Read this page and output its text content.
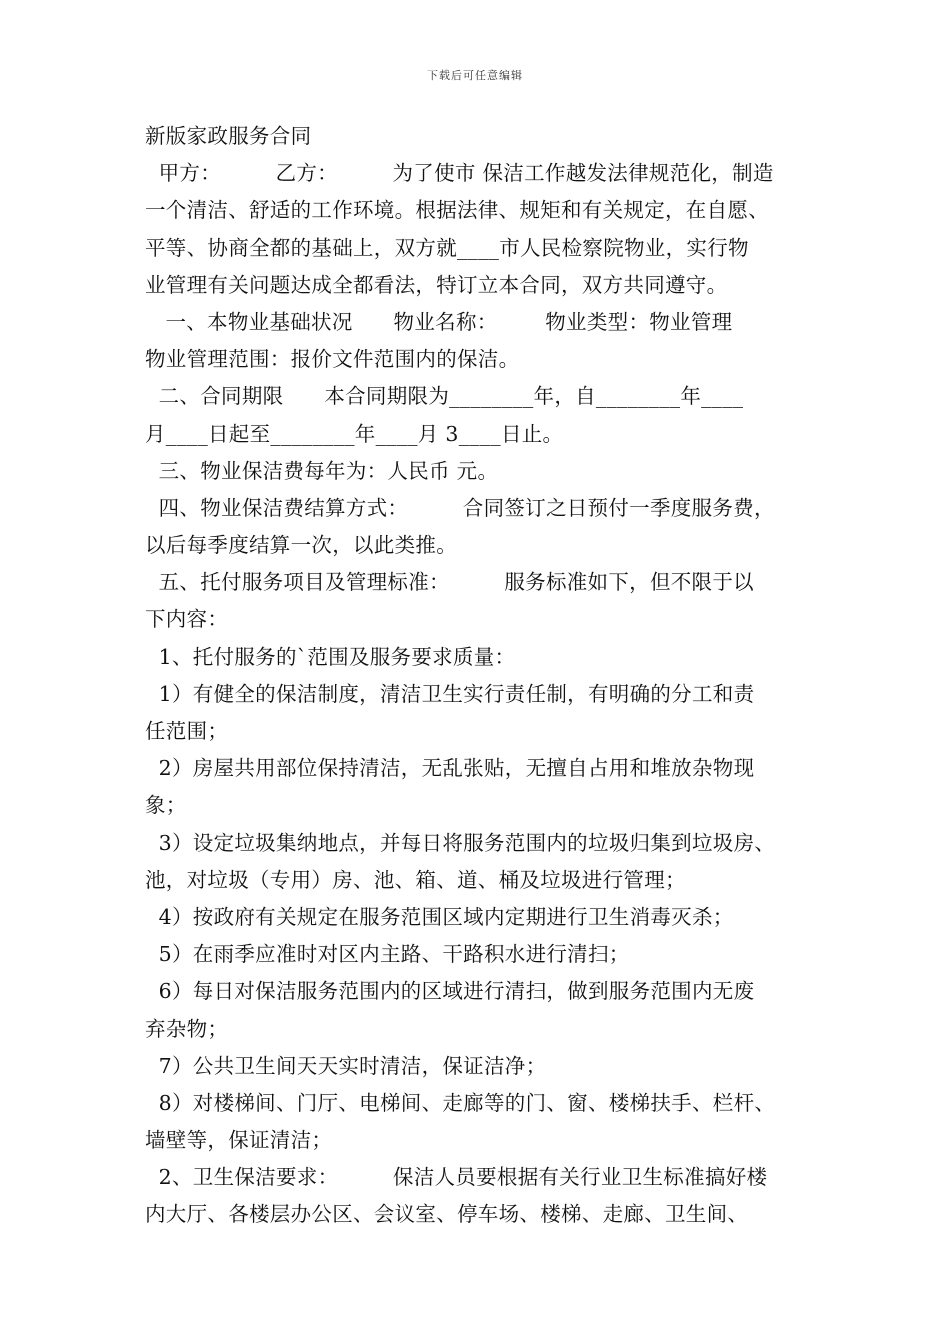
下载后可任意编辑
新版家政服务合同
甲方：        乙方：        为了使市 保洁工作越发法律规范化，制造
一个清洁、舒适的工作环境。根据法律、规矩和有关规定，在自愿、
平等、协商全都的基础上，双方就____市人民检察院物业，实行物
业管理有关问题达成全都看法，特订立本合同，双方共同遵守。
一、本物业基础状况      物业名称：       物业类型：物业管理
物业管理范围：报价文件范围内的保洁。
二、合同期限      本合同期限为________年，自________年____
月____日起至________年____月 3____日止。
三、物业保洁费每年为：人民币 元。
四、物业保洁费结算方式：        合同签订之日预付一季度服务费，
以后每季度结算一次，以此类推。
五、托付服务项目及管理标准：        服务标准如下，但不限于以
下内容：
1、托付服务的`范围及服务要求质量：
1）有健全的保洁制度，清洁卫生实行责任制，有明确的分工和责
任范围；
2）房屋共用部位保持清洁，无乱张贴，无擅自占用和堆放杂物现
象；
3）设定垃圾集纳地点，并每日将服务范围内的垃圾归集到垃圾房、
池，对垃圾（专用）房、池、箱、道、桶及垃圾进行管理；
4）按政府有关规定在服务范围区域内定期进行卫生消毒灭杀；
5）在雨季应准时对区内主路、干路积水进行清扫；
6）每日对保洁服务范围内的区域进行清扫，做到服务范围内无废
弃杂物；
7）公共卫生间天天实时清洁，保证洁净；
8）对楼梯间、门厅、电梯间、走廊等的门、窗、楼梯扶手、栏杆、
墙壁等，保证清洁；
2、卫生保洁要求：        保洁人员要根据有关行业卫生标准搞好楼
内大厅、各楼层办公区、会议室、停车场、楼梯、走廊、卫生间、
